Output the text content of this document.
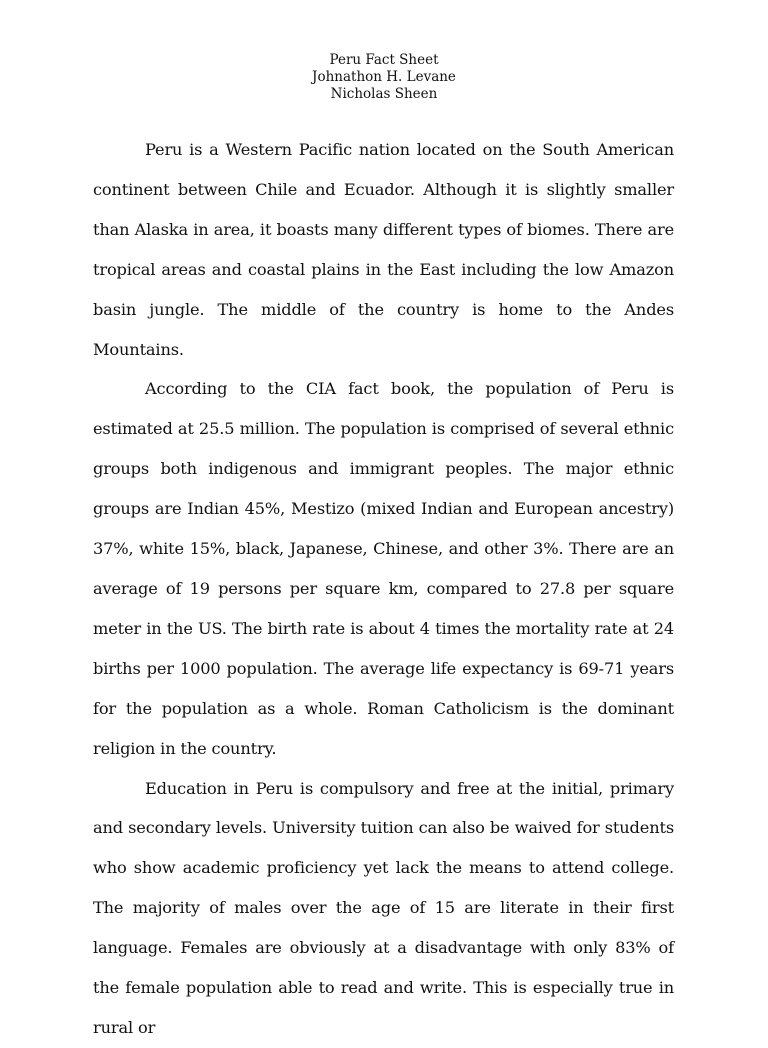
Peru Fact Sheet
Johnathon H. Levane
Nicholas Sheen

Peru is a Western Pacific nation located on the South American continent between Chile and Ecuador. Although it is slightly smaller than Alaska in area, it boasts many different types of biomes. There are tropical areas and coastal plains in the East including the low Amazon basin jungle. The middle of the country is home to the Andes Mountains.

According to the CIA fact book, the population of Peru is estimated at 25.5 million. The population is comprised of several ethnic groups both indigenous and immigrant peoples. The major ethnic groups are Indian 45%, Mestizo (mixed Indian and European ancestry) 37%, white 15%, black, Japanese, Chinese, and other 3%. There are an average of 19 persons per square km, compared to 27.8 per square meter in the US. The birth rate is about 4 times the mortality rate at 24 births per 1000 population. The average life expectancy is 69-71 years for the population as a whole. Roman Catholicism is the dominant religion in the country.

Education in Peru is compulsory and free at the initial, primary and secondary levels. University tuition can also be waived for students who show academic proficiency yet lack the means to attend college. The majority of males over the age of 15 are literate in their first language. Females are obviously at a disadvantage with only 83% of the female population able to read and write. This is especially true in rural or
